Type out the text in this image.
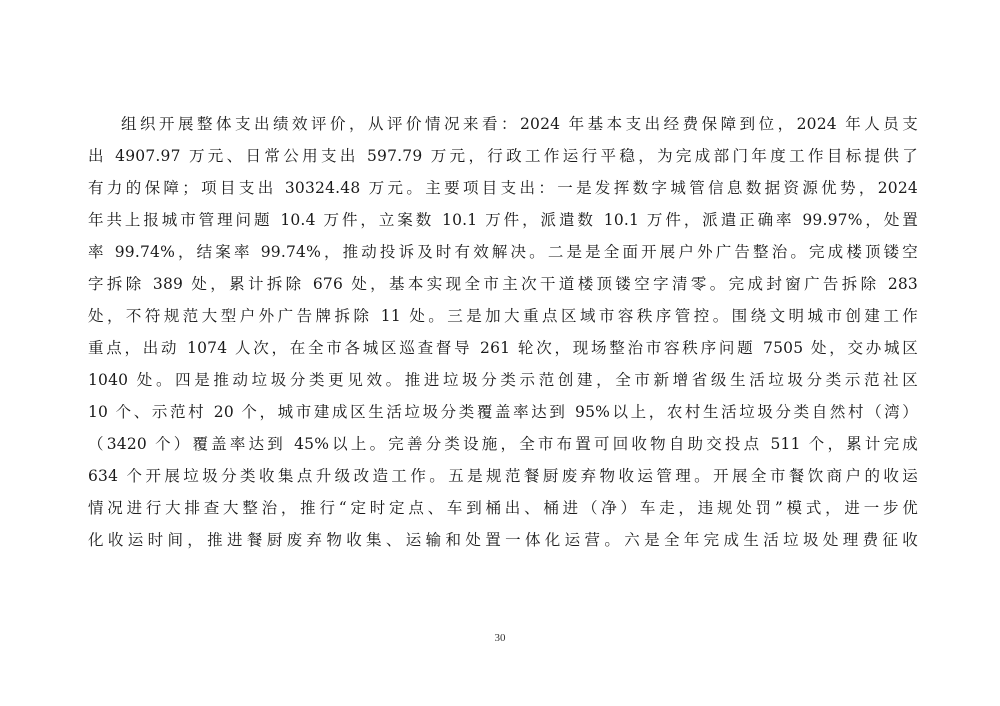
组织开展整体支出绩效评价，从评价情况来看：2024 年基本支出经费保障到位，2024 年人员支
出 4907.97 万元、日常公用支出 597.79 万元，行政工作运行平稳，为完成部门年度工作目标提供了
有力的保障；项目支出 30324.48 万元。主要项目支出：一是发挥数字城管信息数据资源优势，2024
年共上报城市管理问题 10.4 万件，立案数 10.1 万件，派遣数 10.1 万件，派遣正确率 99.97%，处置
率 99.74%，结案率 99.74%，推动投诉及时有效解决。二是是全面开展户外广告整治。完成楼顶镂空
字拆除 389 处，累计拆除 676 处，基本实现全市主次干道楼顶镂空字清零。完成封窗广告拆除 283
处，不符规范大型户外广告牌拆除 11 处。三是加大重点区域市容秩序管控。围绕文明城市创建工作
重点，出动 1074 人次，在全市各城区巡查督导 261 轮次，现场整治市容秩序问题 7505 处，交办城区
1040 处。四是推动垃圾分类更见效。推进垃圾分类示范创建，全市新增省级生活垃圾分类示范社区
10 个、示范村 20 个，城市建成区生活垃圾分类覆盖率达到 95%以上，农村生活垃圾分类自然村（湾）
（3420 个）覆盖率达到 45%以上。完善分类设施，全市布置可回收物自助交投点 511 个，累计完成
634 个开展垃圾分类收集点升级改造工作。五是规范餐厨废弃物收运管理。开展全市餐饮商户的收运
情况进行大排查大整治，推行“定时定点、车到桶出、桶进（净）车走，违规处罚”模式，进一步优
化收运时间，推进餐厨废弃物收集、运输和处置一体化运营。六是全年完成生活垃圾处理费征收
30
